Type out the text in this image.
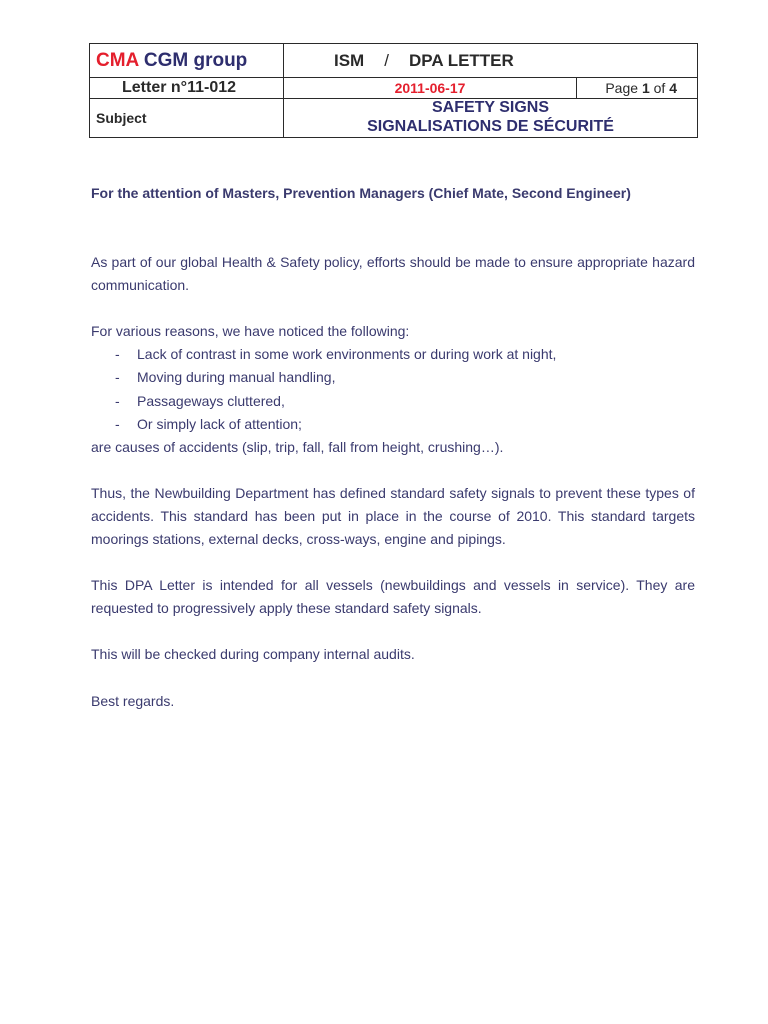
CMA CGM group	ISM / DPA LETTER	
Letter n°11-012	2011-06-17	Page 1 of 4
Subject	SAFETY SIGNS
SIGNALISATIONS DE SÉCURITÉ	
For the attention of Masters, Prevention Managers (Chief Mate, Second Engineer)

As part of our global Health & Safety policy, efforts should be made to ensure appropriate hazard communication.

For various reasons, we have noticed the following:
- Lack of contrast in some work environments or during work at night,
- Moving during manual handling,
- Passageways cluttered,
- Or simply lack of attention;
are causes of accidents (slip, trip, fall, fall from height, crushing…).

Thus, the Newbuilding Department has defined standard safety signals to prevent these types of accidents. This standard has been put in place in the course of 2010. This standard targets moorings stations, external decks, cross-ways, engine and pipings.

This DPA Letter is intended for all vessels (newbuildings and vessels in service). They are requested to progressively apply these standard safety signals.

This will be checked during company internal audits.

Best regards.
